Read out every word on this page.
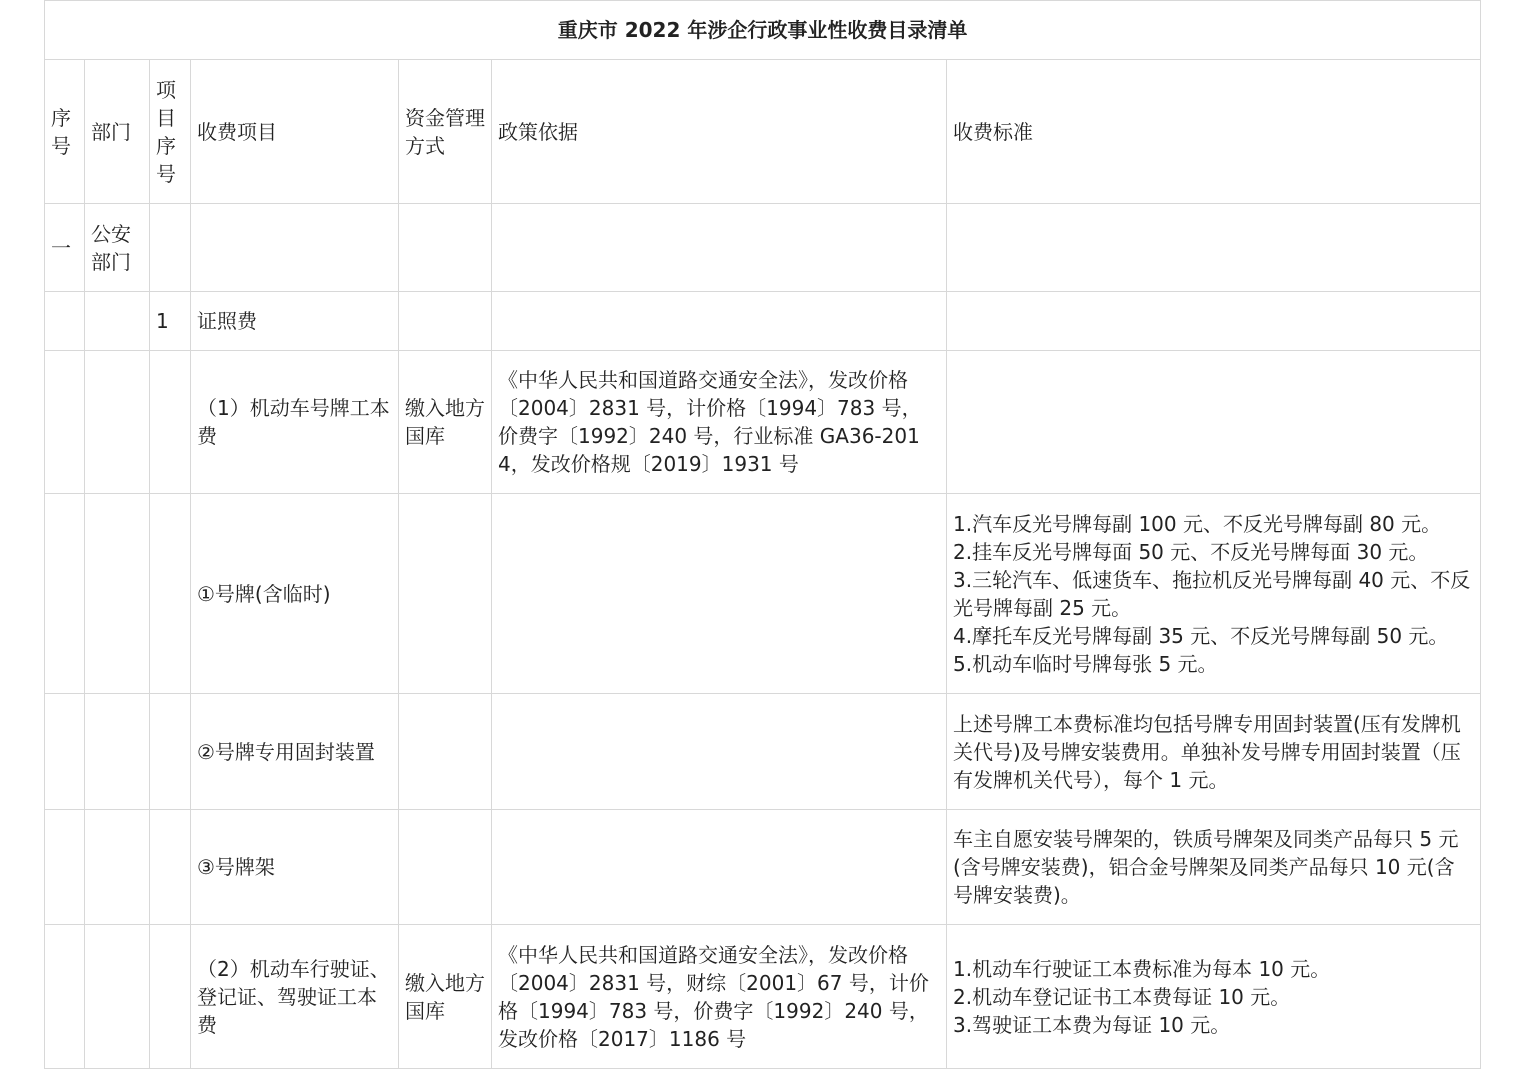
重庆市 2022 年涉企行政事业性收费目录清单						
序号	部门	项目序号	收费项目	资金管理方式	政策依据	收费标准
一	公安部门					
		1	证照费			
			（1）机动车号牌工本费	缴入地方国库	《中华人民共和国道路交通安全法》，发改价格〔2004〕2831 号，计价格〔1994〕783 号，价费字〔1992〕240 号，行业标准 GA36-2014，发改价格规〔2019〕1931 号	
			①号牌(含临时)			1.汽车反光号牌每副 100 元、不反光号牌每副 80 元。
2.挂车反光号牌每面 50 元、不反光号牌每面 30 元。
3.三轮汽车、低速货车、拖拉机反光号牌每副 40 元、不反光号牌每副 25 元。
4.摩托车反光号牌每副 35 元、不反光号牌每副 50 元。
5.机动车临时号牌每张 5 元。

			②号牌专用固封装置			上述号牌工本费标准均包括号牌专用固封装置(压有发牌机关代号)及号牌安装费用。单独补发号牌专用固封装置（压有发牌机关代号），每个 1 元。

			③号牌架			车主自愿安装号牌架的，铁质号牌架及同类产品每只 5 元(含号牌安装费)，铝合金号牌架及同类产品每只 10 元(含号牌安装费)。

			（2）机动车行驶证、登记证、驾驶证工本费	缴入地方国库	《中华人民共和国道路交通安全法》，发改价格〔2004〕2831 号，财综〔2001〕67 号，计价格〔1994〕783 号，价费字〔1992〕240 号，发改价格〔2017〕1186 号	1.机动车行驶证工本费标准为每本 10 元。
2.机动车登记证书工本费每证 10 元。
3.驾驶证工本费为每证 10 元。
